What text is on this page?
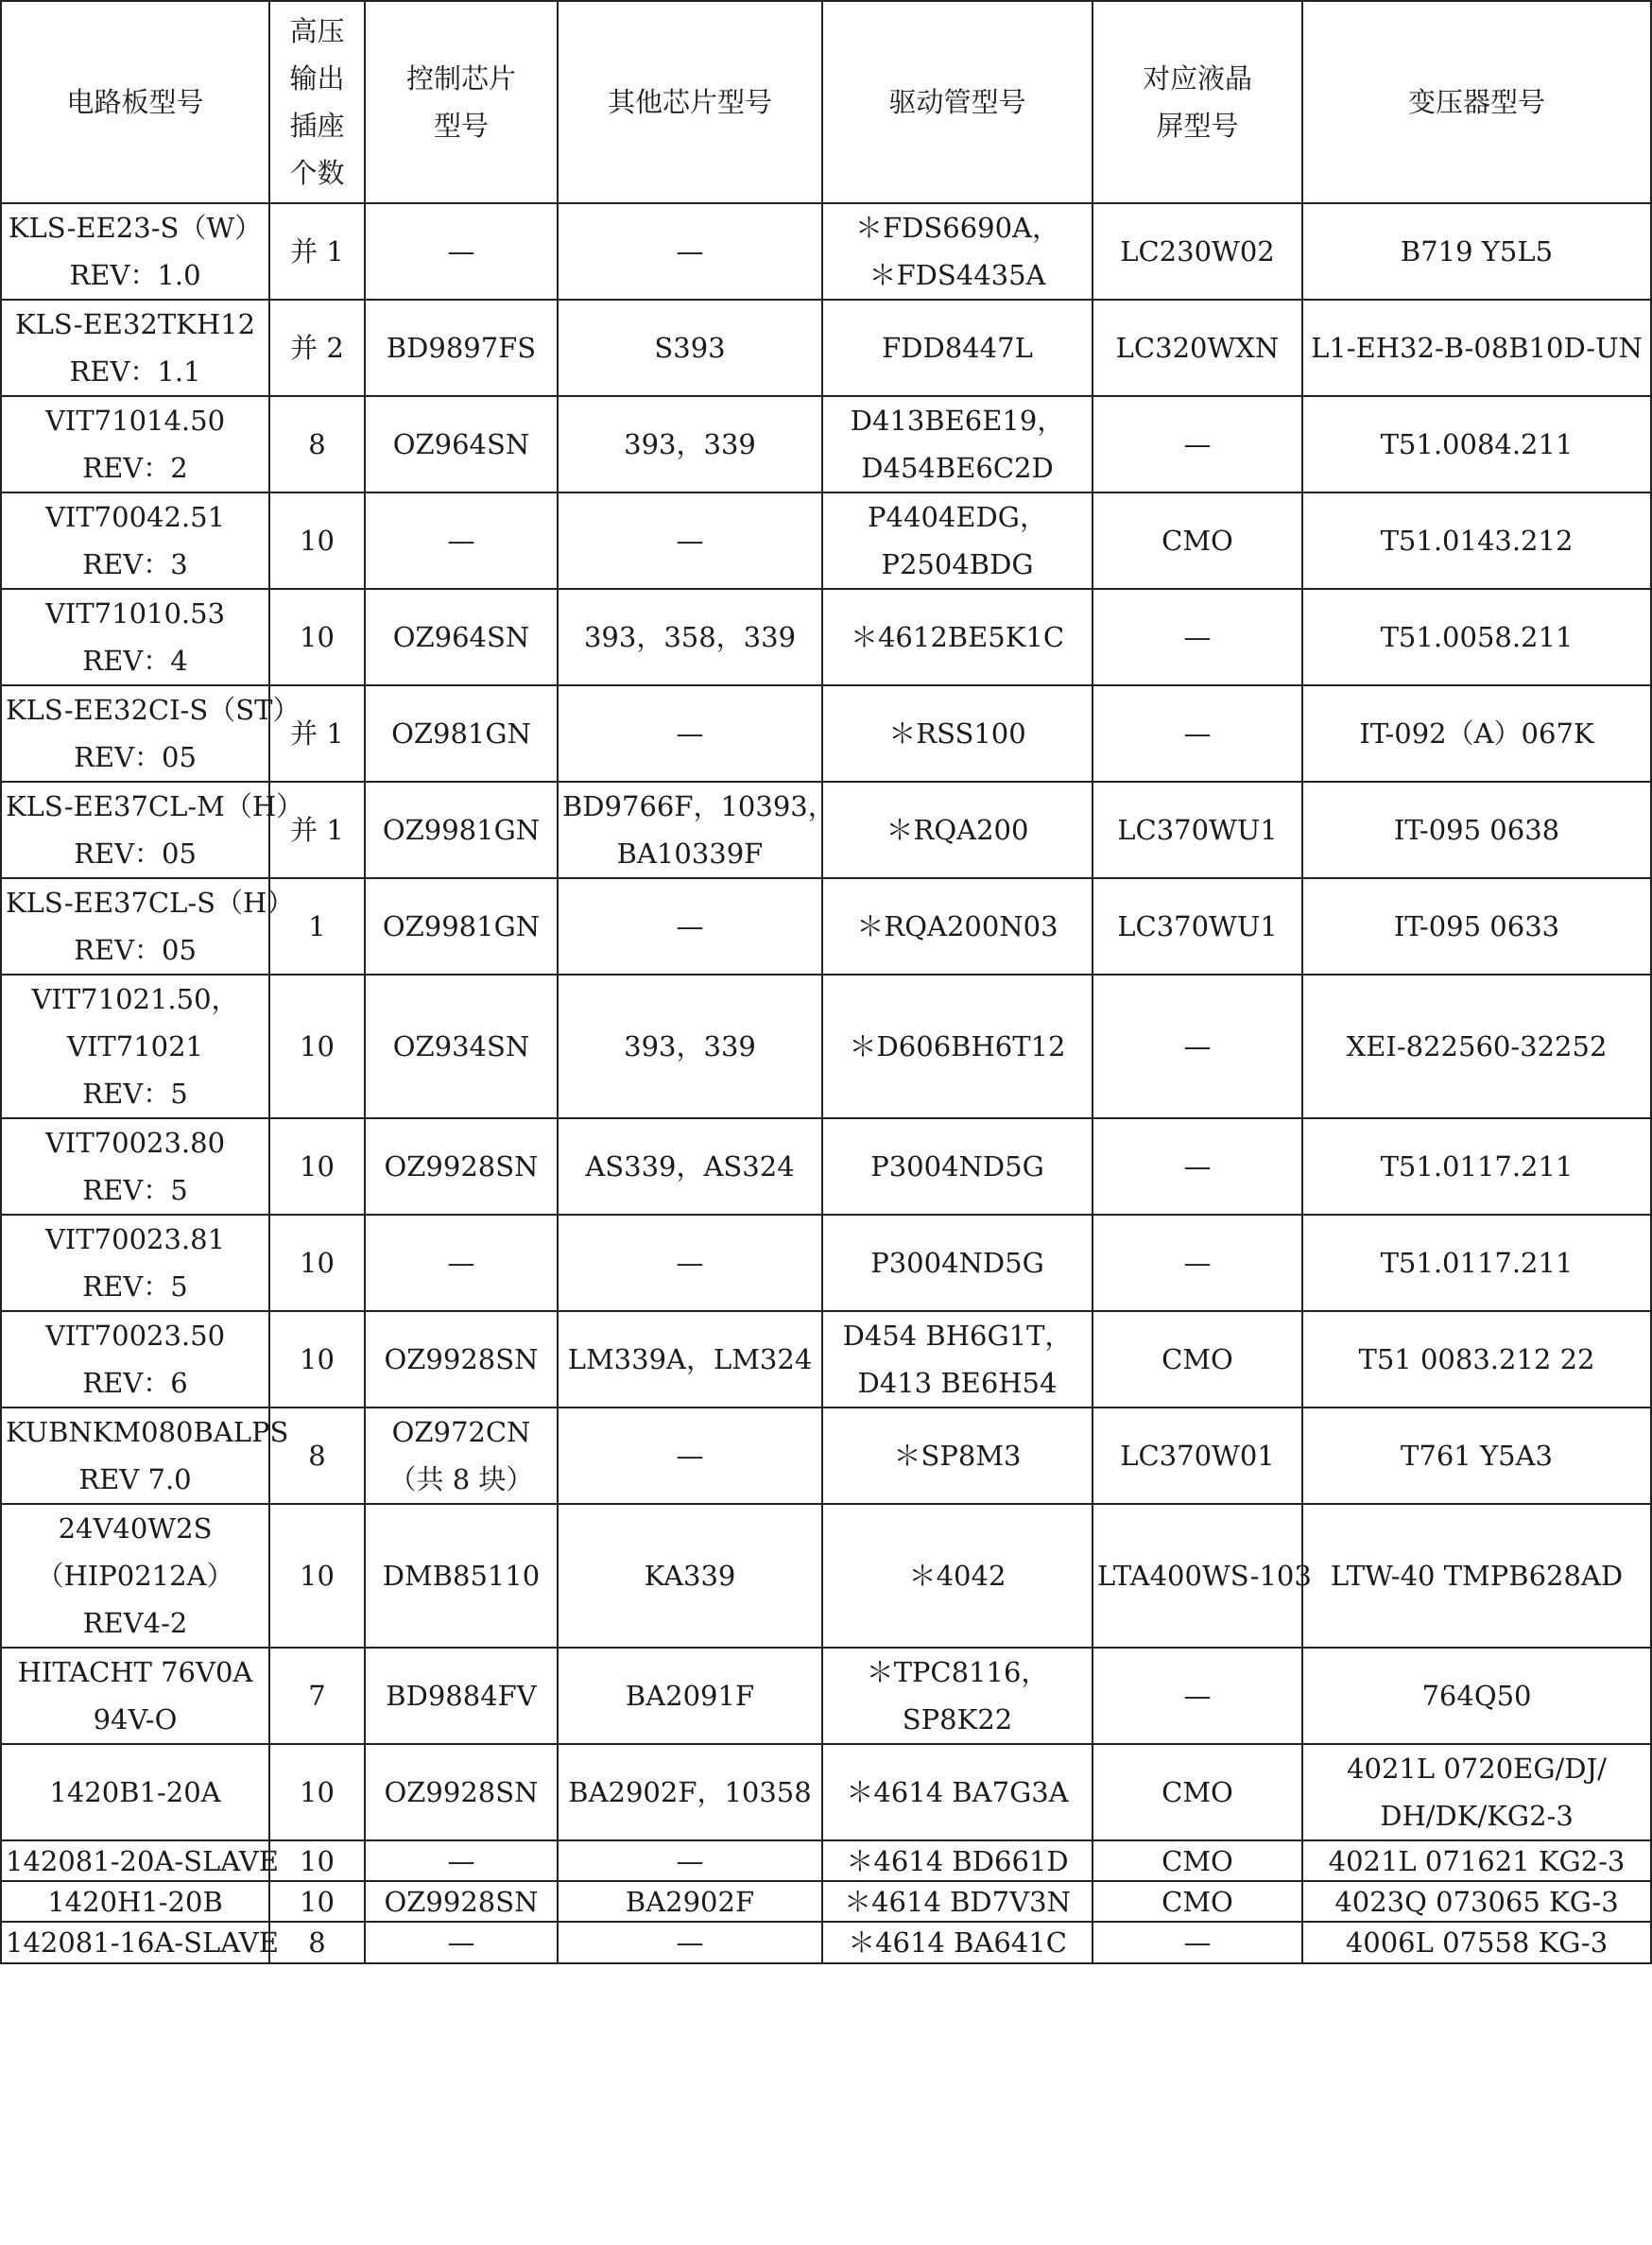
电路板型号	高压
输出
插座
个数	控制芯片
型号	其他芯片型号	驱动管型号	对应液晶
屏型号	变压器型号

KLS-EE23-S（W）
REV：1.0	并 1	—	—	＊FDS6690A，
＊FDS4435A	LC230W02	B719 Y5L5

KLS-EE32TKH12
REV：1.1	并 2	BD9897FS	S393	FDD8447L	LC320WXN	L1-EH32-B-08B10D-UN

VIT71014.50
REV：2	8	OZ964SN	393，339	D413BE6E19，
D454BE6C2D	—	T51.0084.211

VIT70042.51
REV：3	10	—	—	P4404EDG，
P2504BDG	CMO	T51.0143.212

VIT71010.53
REV：4	10	OZ964SN	393，358，339	＊4612BE5K1C	—	T51.0058.211

KLS-EE32CI-S（ST）
REV：05	并 1	OZ981GN	—	＊RSS100	—	IT-092（A）067K

KLS-EE37CL-M（H）
REV：05	并 1	OZ9981GN	BD9766F，10393，
BA10339F	＊RQA200	LC370WU1	IT-095 0638

KLS-EE37CL-S（H）
REV：05	1	OZ9981GN	—	＊RQA200N03	LC370WU1	IT-095 0633

VIT71021.50，
VIT71021
REV：5	10	OZ934SN	393，339	＊D606BH6T12	—	XEI-822560-32252

VIT70023.80
REV：5	10	OZ9928SN	AS339，AS324	P3004ND5G	—	T51.0117.211

VIT70023.81
REV：5	10	—	—	P3004ND5G	—	T51.0117.211

VIT70023.50
REV：6	10	OZ9928SN	LM339A，LM324	D454 BH6G1T，
D413 BE6H54	CMO	T51 0083.212 22

KUBNKM080BALPS
REV 7.0	8	OZ972CN
（共 8 块）	—	＊SP8M3	LC370W01	T761 Y5A3

24V40W2S
（HIP0212A）
REV4-2	10	DMB85110	KA339	＊4042	LTA400WS-103	LTW-40 TMPB628AD

HITACHT 76V0A
94V-O	7	BD9884FV	BA2091F	＊TPC8116，
SP8K22	—	764Q50

1420B1-20A	10	OZ9928SN	BA2902F，10358	＊4614 BA7G3A	CMO	4021L 0720EG/DJ/
DH/DK/KG2-3

142081-20A-SLAVE	10	—	—	＊4614 BD661D	CMO	4021L 071621 KG2-3

1420H1-20B	10	OZ9928SN	BA2902F	＊4614 BD7V3N	CMO	4023Q 073065 KG-3

142081-16A-SLAVE	8	—	—	＊4614 BA641C	—	4006L 07558 KG-3
